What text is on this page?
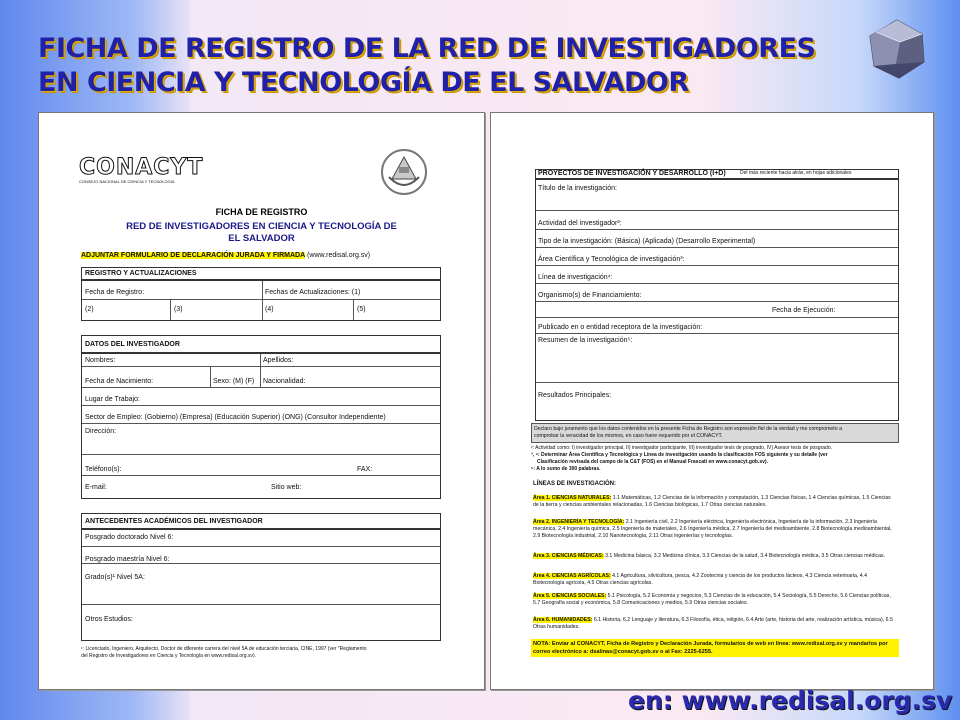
FICHA DE REGISTRO DE LA RED DE INVESTIGADORES
EN CIENCIA Y TECNOLOGÍA DE EL SALVADOR
CONACYT
CONSEJO NACIONAL DE CIENCIA Y TECNOLOGIA
FICHA DE REGISTRO
RED DE INVESTIGADORES EN CIENCIA Y TECNOLOGÍA DE
EL SALVADOR
ADJUNTAR FORMULARIO DE DECLARACIÓN JURADA Y FIRMADA (www.redisal.org.sv)
REGISTRO Y ACTUALIZACIONES
Fecha de Registro:	Fechas de Actualizaciones: (1)
(2)	(3)	(4)	(5)
DATOS DEL INVESTIGADOR
Nombres:	Apellidos:
Fecha de Nacimiento:	Sexo: (M) (F) Nacionalidad:
Lugar de Trabajo:
Sector de Empleo: (Gobierno) (Empresa) (Educación Superior) (ONG) (Consultor Independiente)
Dirección:
Teléfono(s):	FAX:
E-mail:	Sitio web:
ANTECEDENTES ACADÉMICOS DEL INVESTIGADOR
Posgrado doctorado Nivel 6:
Posgrado maestría Nivel 6:
Grado(s)¹ Nivel 5A:
Otros Estudios:
¹: Licenciado, Ingeniero, Arquitecto, Doctor de diferente carrera del nivel 5A de educación terciaria, CINE, 1997 (ver "Reglamento
del Registro de Investigadores en Ciencia y Tecnología en www.redisal.org.sv).
PROYECTOS DE INVESTIGACIÓN Y DESARROLLO (I+D)	Del más reciente hacia atrás, en hojas adicionales
Título de la investigación:
Actividad del investigador²:
Tipo de la investigación: (Básica) (Aplicada) (Desarrollo Experimental)
Área Científica y Tecnológica de investigación³:
Línea de investigación⁴:
Organismo(s) de Financiamiento:
Fecha de Ejecución:
Publicado en o entidad receptora de la investigación:
Resumen de la investigación⁵:
Resultados Principales:
Declaro bajo juramento que los datos contenidos en la presente Ficha de Registro son expresión fiel de la verdad y me comprometo a
comprobar la veracidad de los mismos, en caso fuere requerido por el CONACYT.
²: Actividad como: I) investigador principal, II) investigador participante, III) investigador tesis de posgrado, IV) Asesor tesis de posgrado.
³, ⁴: Determinar Área Científica y Tecnológica y Línea de investigación usando la clasificación FOS siguiente y su detalle (ver
Clasificación revisada del campo de la C&T (FOS) en el Manual Frascati en www.conacyt.gob.sv).
⁵: A lo sumo de 300 palabras.
LÍNEAS DE INVESTIGACIÓN:
Área 1. CIENCIAS NATURALES: 1.1 Matemáticas, 1.2 Ciencias de la información y computación, 1.3 Ciencias físicas, 1.4 Ciencias químicas, 1.5 Ciencias de la tierra y ciencias ambientales relacionadas, 1.6 Ciencias biológicas, 1.7 Otras ciencias naturales.
Área 2. INGENIERÍA Y TECNOLOGÍA: 2.1 Ingeniería civil, 2.2 Ingeniería eléctrica, Ingeniería electrónica, Ingeniería de la información, 2.3 Ingeniería mecánica, 2.4 Ingeniería química, 2.5 Ingeniería de materiales, 2.6 Ingeniería médica, 2.7 Ingeniería del medioambiente, 2.8 Biotecnología medioambiental, 2.9 Biotecnología industrial, 2.10 Nanotecnología, 2.11 Otras ingenierías y tecnologías.
Área 3. CIENCIAS MÉDICAS: 3.1 Medicina básica, 3.2 Medicina clínica, 3.3 Ciencias de la salud, 3.4 Biotecnología médica, 3.5 Otras ciencias médicas.
Área 4. CIENCIAS AGRÍCOLAS: 4.1 Agricultura, silvicultura, pesca, 4.2 Zootecnia y ciencia de los productos lácteos, 4.3 Ciencia veterinaria, 4.4 Biotecnología agrícola, 4.5 Otras ciencias agrícolas.
Área 5. CIENCIAS SOCIALES: 5.1 Psicología, 5.2 Economía y negocios, 5.3 Ciencias de la educación, 5.4 Sociología, 5.5 Derecho, 5.6 Ciencias políticas, 5.7 Geografía social y económica, 5.8 Comunicaciones y medios, 5.9 Otras ciencias sociales.
Área 6. HUMANIDADES: 6.1 Historia, 6.2 Lenguaje y literatura, 6.3 Filosofía, ética, religión, 6.4 Arte (arte, historia del arte, realización artística, música), 6.5 Otras humanidades.
NOTA: Enviar al CONACYT, Ficha de Registro y Declaración Jurada, formularios de web en línea: www.redisal.org.sv y mandarlos por correo electrónico a: dsalinas@conacyt.gob.sv o al Fax: 2225-6255.
en: www.redisal.org.sv
